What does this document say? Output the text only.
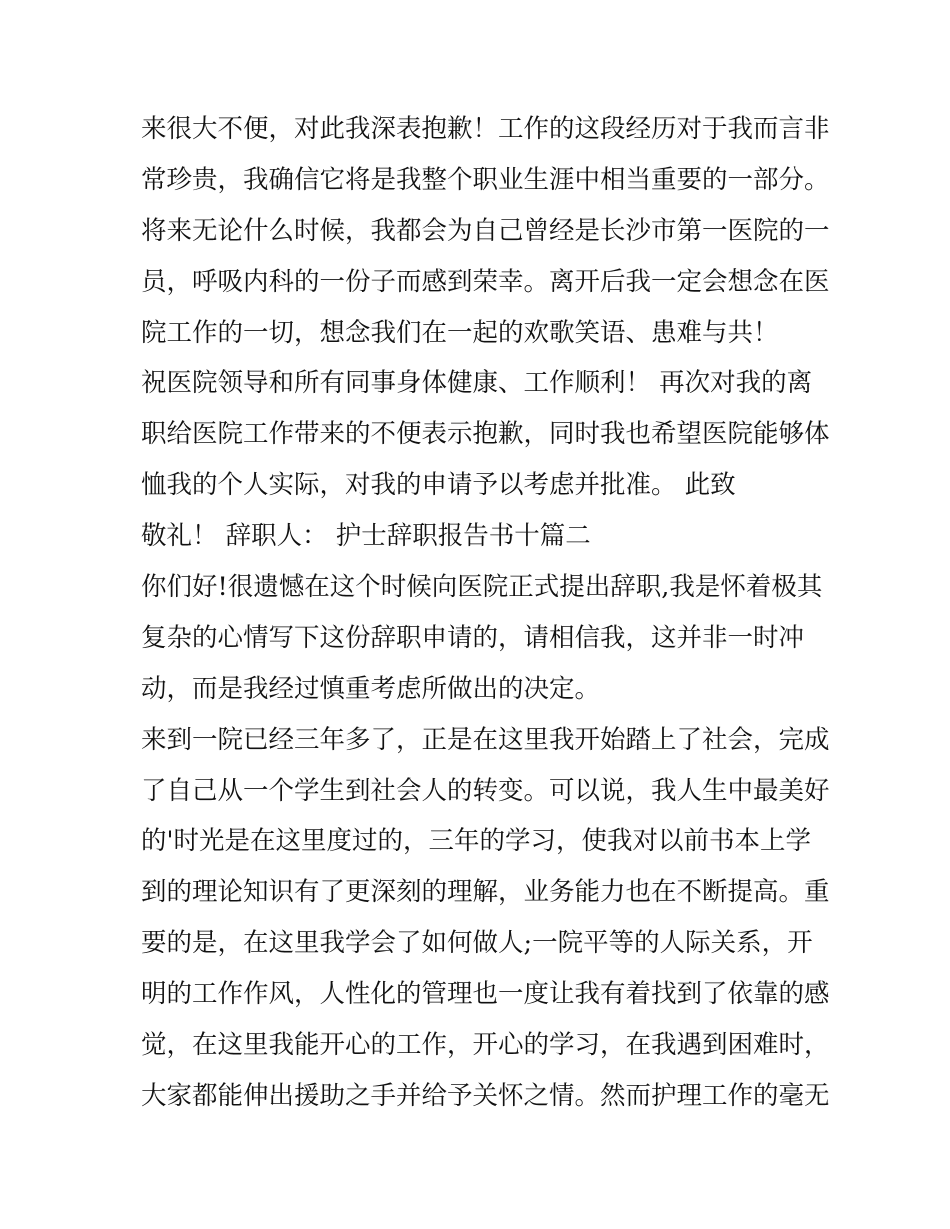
来很大不便，对此我深表抱歉！工作的这段经历对于我而言非
常珍贵，我确信它将是我整个职业生涯中相当重要的一部分。
将来无论什么时候，我都会为自己曾经是长沙市第一医院的一
员，呼吸内科的一份子而感到荣幸。离开后我一定会想念在医
院工作的一切，想念我们在一起的欢歌笑语、患难与共！
祝医院领导和所有同事身体健康、工作顺利！ 再次对我的离
职给医院工作带来的不便表示抱歉，同时我也希望医院能够体
恤我的个人实际，对我的申请予以考虑并批准。 此致
敬礼！ 辞职人： 护士辞职报告书十篇二
你们好!很遗憾在这个时候向医院正式提出辞职,我是怀着极其
复杂的心情写下这份辞职申请的，请相信我，这并非一时冲
动，而是我经过慎重考虑所做出的决定。
来到一院已经三年多了，正是在这里我开始踏上了社会，完成
了自己从一个学生到社会人的转变。可以说，我人生中最美好
的'时光是在这里度过的，三年的学习，使我对以前书本上学
到的理论知识有了更深刻的理解，业务能力也在不断提高。重
要的是，在这里我学会了如何做人;一院平等的人际关系，开
明的工作作风，人性化的管理也一度让我有着找到了依靠的感
觉，在这里我能开心的工作，开心的学习，在我遇到困难时，
大家都能伸出援助之手并给予关怀之情。然而护理工作的毫无
